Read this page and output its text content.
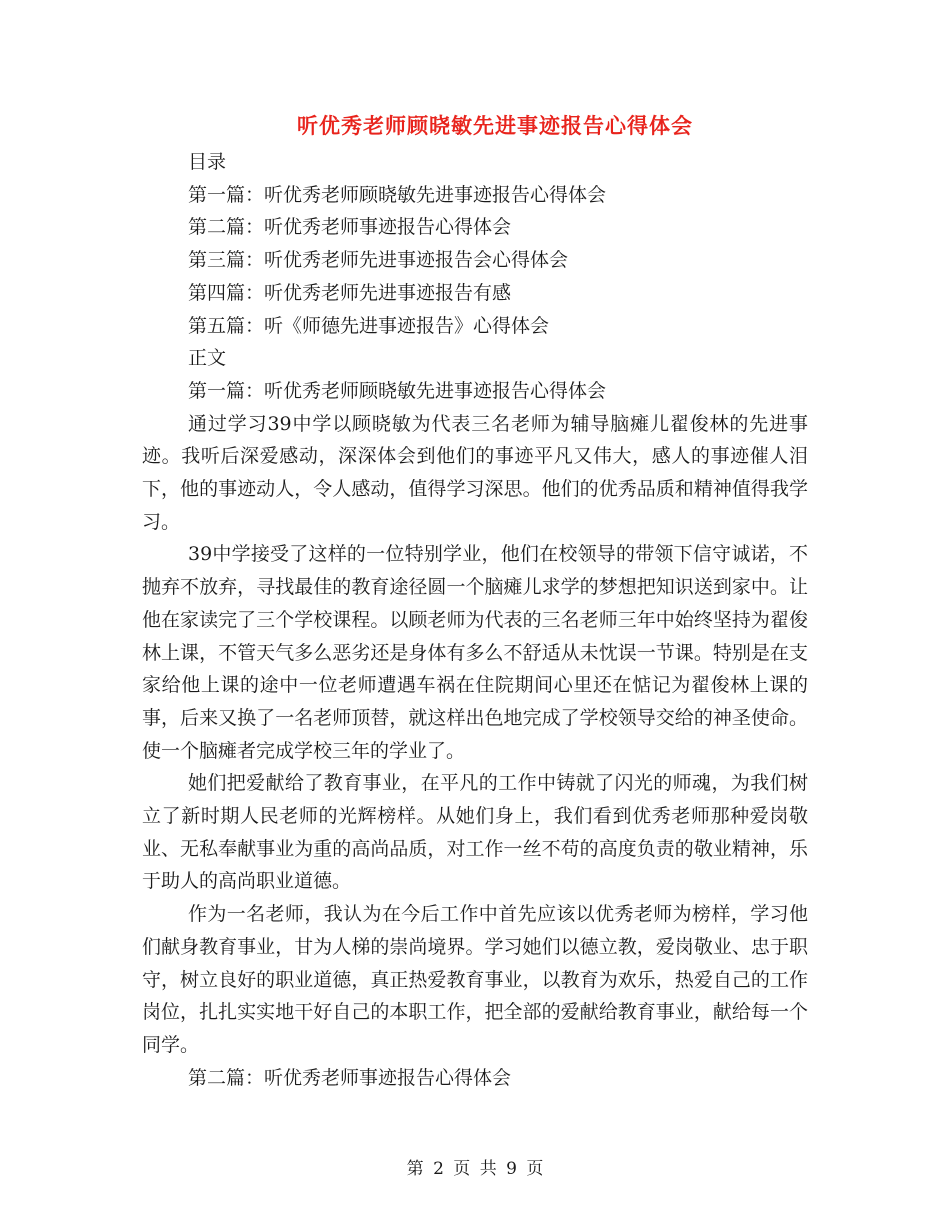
听优秀老师顾晓敏先进事迹报告心得体会

目录

第一篇：听优秀老师顾晓敏先进事迹报告心得体会

第二篇：听优秀老师事迹报告心得体会

第三篇：听优秀老师先进事迹报告会心得体会

第四篇：听优秀老师先进事迹报告有感

第五篇：听《师德先进事迹报告》心得体会

正文

第一篇：听优秀老师顾晓敏先进事迹报告心得体会

通过学习39中学以顾晓敏为代表三名老师为辅导脑瘫儿翟俊林的先进事迹。我听后深爱感动，深深体会到他们的事迹平凡又伟大，感人的事迹催人泪下，他的事迹动人，令人感动，值得学习深思。他们的优秀品质和精神值得我学习。

39中学接受了这样的一位特别学业，他们在校领导的带领下信守诚诺，不抛弃不放弃，寻找最佳的教育途径圆一个脑瘫儿求学的梦想把知识送到家中。让他在家读完了三个学校课程。以顾老师为代表的三名老师三年中始终坚持为翟俊林上课，不管天气多么恶劣还是身体有多么不舒适从未忱误一节课。特别是在支家给他上课的途中一位老师遭遇车祸在住院期间心里还在惦记为翟俊林上课的事，后来又换了一名老师顶替，就这样出色地完成了学校领导交给的神圣使命。使一个脑瘫者完成学校三年的学业了。

她们把爱献给了教育事业，在平凡的工作中铸就了闪光的师魂，为我们树立了新时期人民老师的光辉榜样。从她们身上，我们看到优秀老师那种爱岗敬业、无私奉献事业为重的高尚品质，对工作一丝不苟的高度负责的敬业精神，乐于助人的高尚职业道德。

作为一名老师，我认为在今后工作中首先应该以优秀老师为榜样，学习他们献身教育事业，甘为人梯的崇尚境界。学习她们以德立教，爱岗敬业、忠于职守，树立良好的职业道德，真正热爱教育事业，以教育为欢乐，热爱自己的工作岗位，扎扎实实地干好自己的本职工作，把全部的爱献给教育事业，献给每一个同学。

第二篇：听优秀老师事迹报告心得体会

第 2 页 共 9 页
